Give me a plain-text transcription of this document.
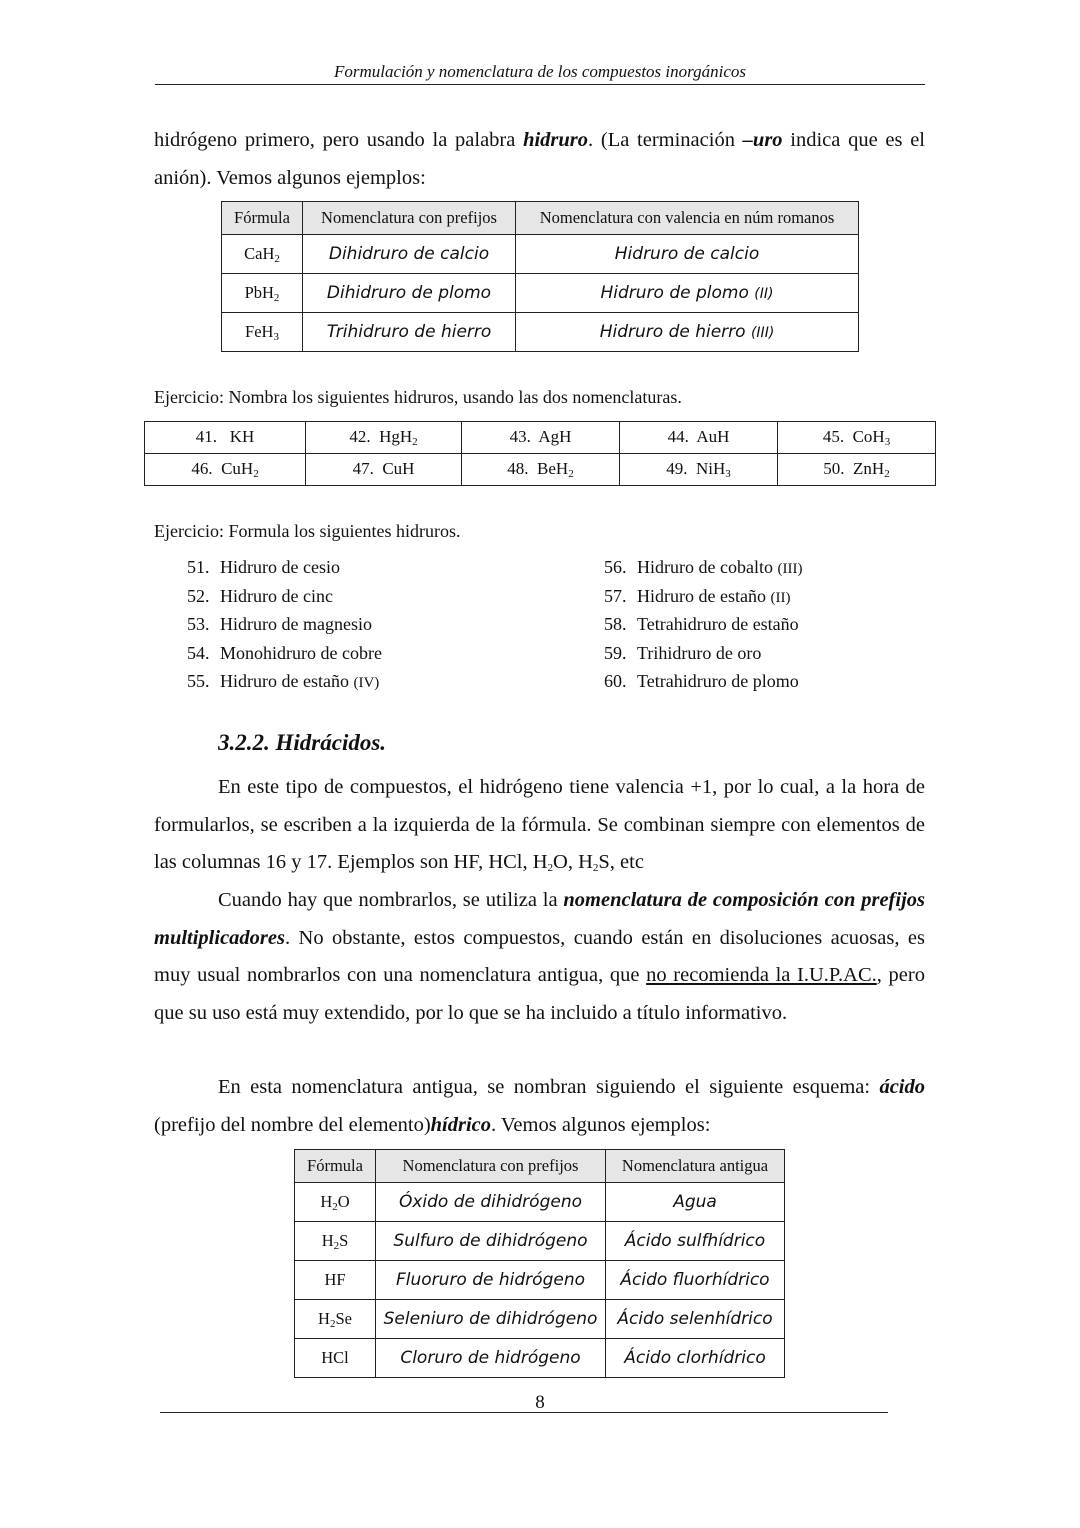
Formulación y nomenclatura de los compuestos inorgánicos

hidrógeno primero, pero usando la palabra hidruro. (La terminación –uro indica que es el anión). Vemos algunos ejemplos:

Fórmula	Nomenclatura con prefijos	Nomenclatura con valencia en núm romanos
CaH$_2$	Dihidruro de calcio	Hidruro de calcio
PbH$_2$	Dihidruro de plomo	Hidruro de plomo (II)
FeH$_3$	Trihidruro de hierro	Hidruro de hierro (III)
Ejercicio: Nombra los siguientes hidruros, usando las dos nomenclaturas.
41. KH	42. HgH$_2$	43. AgH	44. AuH	45. CoH$_3$
46. CuH$_2$	47. CuH	48. BeH$_2$	49. NiH$_3$	50. ZnH$_2$
Ejercicio: Formula los siguientes hidruros.
51. Hidruro de cesio
52. Hidruro de cinc
53. Hidruro de magnesio
54. Monohidruro de cobre
55. Hidruro de estaño (IV)
56. Hidruro de cobalto (III)
57. Hidruro de estaño (II)
58. Tetrahidruro de estaño
59. Trihidruro de oro
60. Tetrahidruro de plomo
3.2.2. Hidrácidos.

En este tipo de compuestos, el hidrógeno tiene valencia +1, por lo cual, a la hora de formularlos, se escriben a la izquierda de la fórmula. Se combinan siempre con elementos de las columnas 16 y 17. Ejemplos son HF, HCl, $H_2O$, $H_2S$, etc

Cuando hay que nombrarlos, se utiliza la nomenclatura de composición con prefijos multiplicadores. No obstante, estos compuestos, cuando están en disoluciones acuosas, es muy usual nombrarlos con una nomenclatura antigua, que no recomienda la I.U.P.AC., pero que su uso está muy extendido, por lo que se ha incluido a título informativo.

En esta nomenclatura antigua, se nombran siguiendo el siguiente esquema: ácido (prefijo del nombre del elemento)hídrico. Vemos algunos ejemplos:

Fórmula	Nomenclatura con prefijos	Nomenclatura antigua
$H_2O$	Óxido de dihidrógeno	Agua
$H_2S$	Sulfuro de dihidrógeno	Ácido sulfhídrico
HF	Fluoruro de hidrógeno	Ácido fluorhídrico
$H_2Se$	Seleniuro de dihidrógeno	Ácido selenhídrico
HCl	Cloruro de hidrógeno	Ácido clorhídrico
8
